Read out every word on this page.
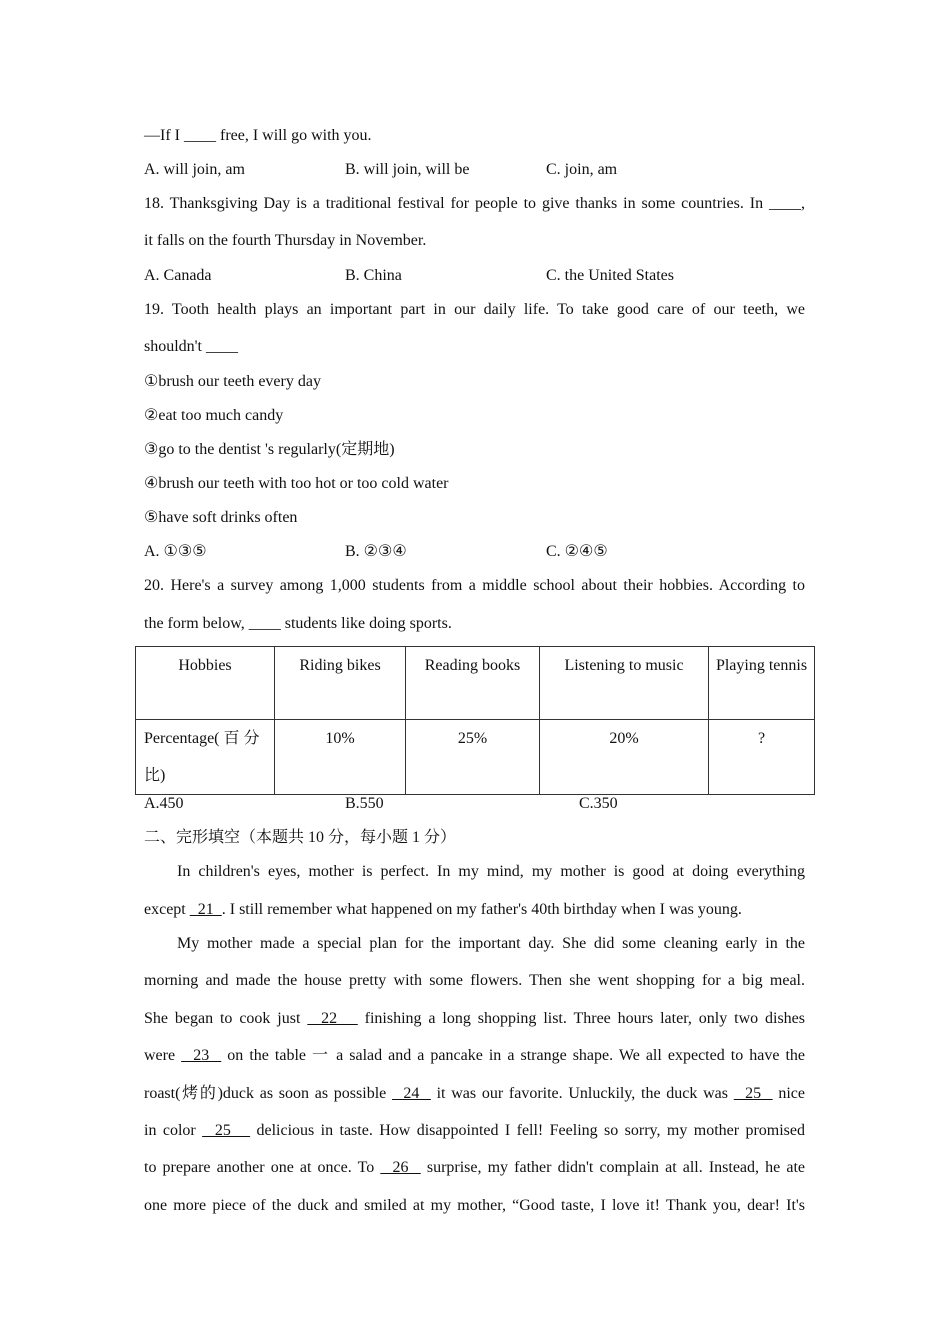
—If I ____ free, I will go with you.
A. will join, am	B. will join, will be	C. join, am
18. Thanksgiving Day is a traditional festival for people to give thanks in some countries. In ____,
it falls on the fourth Thursday in November.
A. Canada	B. China	C. the United States
19. Tooth health plays an important part in our daily life. To take good care of our teeth, we
shouldn't ____
①brush our teeth every day
②eat too much candy
③go to the dentist 's regularly(定期地)
④brush our teeth with too hot or too cold water
⑤have soft drinks often
A. ①③⑤	B. ②③④	C. ②④⑤
20. Here's a survey among 1,000 students from a middle school about their hobbies. According to
the form below, ____ students like doing sports.
Hobbies	Riding bikes	Reading books	Listening to music	Playing tennis
Percentage( 百 分 比)	10%	25%	20%	?
A.450	B.550	C.350
二、完形填空（本题共 10 分，每小题 1 分）
In children's eyes, mother is perfect. In my mind, my mother is good at doing everything
except   21  . I still remember what happened on my father's 40th birthday when I was young.
My mother made a special plan for the important day. She did some cleaning early in the
morning and made the house pretty with some flowers. Then she went shopping for a big meal.
She began to cook just   22    finishing a long shopping list. Three hours later, only two dishes
were   23   on the table 一 a salad and a pancake in a strange shape. We all expected to have the
roast(烤的)duck as soon as possible   24   it was our favorite. Unluckily, the duck was   25   nice
in color   25    delicious in taste. How disappointed I fell! Feeling so sorry, my mother promised
to prepare another one at once. To   26   surprise, my father didn't complain at all. Instead, he ate
one more piece of the duck and smiled at my mother, “Good taste, I love it! Thank you, dear! It's
